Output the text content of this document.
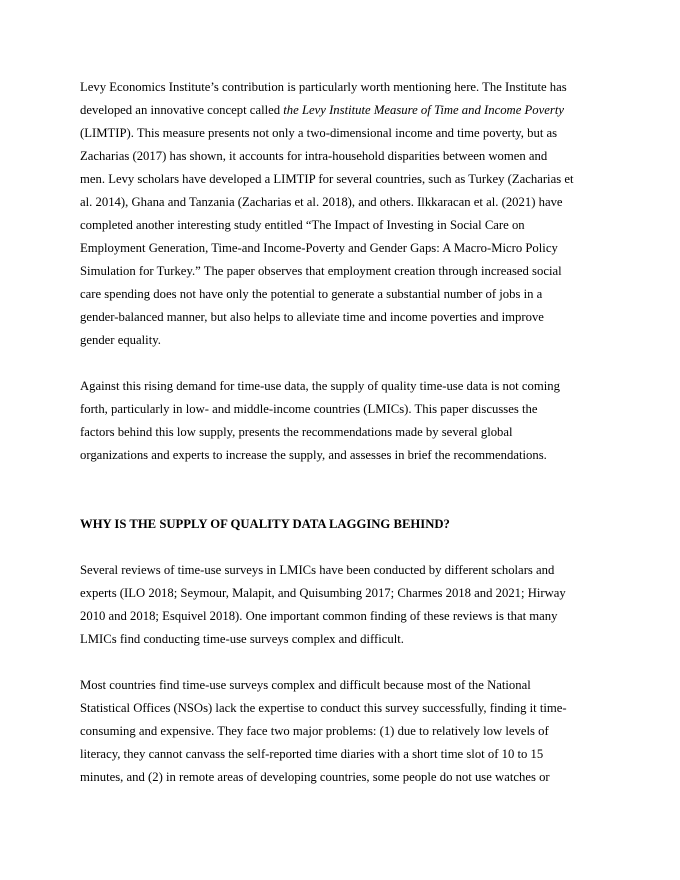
Levy Economics Institute’s contribution is particularly worth mentioning here. The Institute has
developed an innovative concept called the Levy Institute Measure of Time and Income Poverty
(LIMTIP). This measure presents not only a two-dimensional income and time poverty, but as
Zacharias (2017) has shown, it accounts for intra-household disparities between women and
men. Levy scholars have developed a LIMTIP for several countries, such as Turkey (Zacharias et
al. 2014), Ghana and Tanzania (Zacharias et al. 2018), and others. Ilkkaracan et al. (2021) have
completed another interesting study entitled “The Impact of Investing in Social Care on
Employment Generation, Time-and Income-Poverty and Gender Gaps: A Macro-Micro Policy
Simulation for Turkey.” The paper observes that employment creation through increased social
care spending does not have only the potential to generate a substantial number of jobs in a
gender-balanced manner, but also helps to alleviate time and income poverties and improve
gender equality.
Against this rising demand for time-use data, the supply of quality time-use data is not coming
forth, particularly in low- and middle-income countries (LMICs). This paper discusses the
factors behind this low supply, presents the recommendations made by several global
organizations and experts to increase the supply, and assesses in brief the recommendations.
WHY IS THE SUPPLY OF QUALITY DATA LAGGING BEHIND?
Several reviews of time-use surveys in LMICs have been conducted by different scholars and
experts (ILO 2018; Seymour, Malapit, and Quisumbing 2017; Charmes 2018 and 2021; Hirway
2010 and 2018; Esquivel 2018). One important common finding of these reviews is that many
LMICs find conducting time-use surveys complex and difficult.
Most countries find time-use surveys complex and difficult because most of the National
Statistical Offices (NSOs) lack the expertise to conduct this survey successfully, finding it time-
consuming and expensive. They face two major problems: (1) due to relatively low levels of
literacy, they cannot canvass the self-reported time diaries with a short time slot of 10 to 15
minutes, and (2) in remote areas of developing countries, some people do not use watches or
